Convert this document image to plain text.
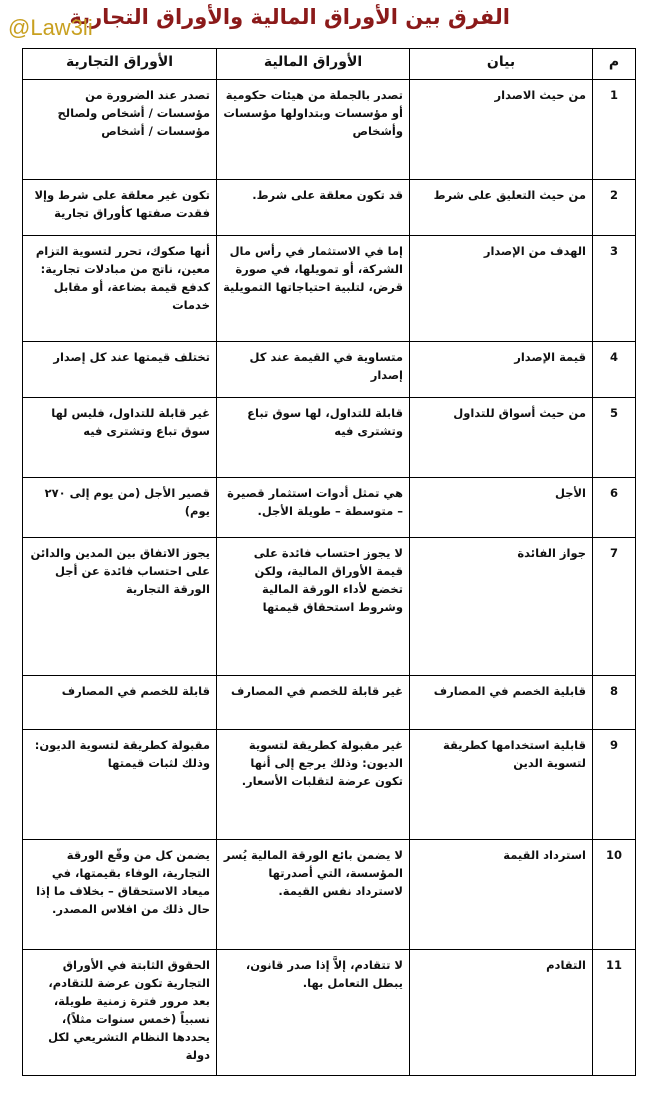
الفرق بين الأوراق المالية والأوراق التجارية
@Law3li
م	بيان	الأوراق المالية	الأوراق التجارية
1	من حيث الاصدار	تصدر بالجملة من هيئات حكومية أو مؤسسات وبتداولها مؤسسات وأشخاص	تصدر عند الضرورة من مؤسسات / أشخاص ولصالح مؤسسات / أشخاص
2	من حيث التعليق على شرط	قد تكون معلقة على شرط.	تكون غير معلقة على شرط وإلا فقدت صفتها كأوراق تجارية
3	الهدف من الإصدار	إما في الاستثمار في رأس مال الشركة، أو تمويلها، في صورة قرض، لتلبية احتياجاتها التمويلية	أنها صكوك، تحرر لتسوية التزام معين، ناتج من مبادلات تجارية: كدفع قيمة بضاعة، أو مقابل خدمات
4	قيمة الإصدار	متساوية في القيمة عند كل إصدار	تختلف قيمتها عند كل إصدار
5	من حيث أسواق للتداول	قابلة للتداول، لها سوق تباع وتشترى فيه	غير قابلة للتداول، فليس لها سوق تباع وتشترى فيه
6	الأجل	هي تمثل أدوات استثمار قصيرة – متوسطة – طويلة الأجل.	قصير الأجل (من يوم إلى ٢٧٠ يوم)
7	جواز الفائدة	لا يجوز احتساب فائدة على قيمة الأوراق المالية، ولكن تخضع لأداء الورقة المالية وشروط استحقاق قيمتها	يجوز الاتفاق بين المدين والدائن على احتساب فائدة عن أجل الورقة التجارية
8	قابلية الخصم في المصارف	غير قابلة للخصم في المصارف	قابلة للخصم في المصارف
9	قابلية استخدامها كطريقة لتسوية الدين	غير مقبولة كطريقة لتسوية الديون: وذلك يرجع إلى أنها تكون عرضة لتقلبات الأسعار.	مقبولة كطريقة لتسوية الديون: وذلك لثبات قيمتها
10	استرداد القيمة	لا يضمن بائع الورقة المالية يُسر المؤسسة، التي أصدرتها لاسترداد نفس القيمة.	يضمن كل من وقّع الورقة التجارية، الوفاء بقيمتها، في ميعاد الاستحقاق – بخلاف ما إذا حال ذلك من افلاس المصدر.
11	التقادم	لا تتقادم، إلاَّ إذا صدر قانون، يبطل التعامل بها.	الحقوق الثابتة في الأوراق التجارية تكون عرضة للتقادم، بعد مرور فترة زمنية طويلة، نسبياً (خمس سنوات مثلاً)، يحددها النظام التشريعي لكل دولة
